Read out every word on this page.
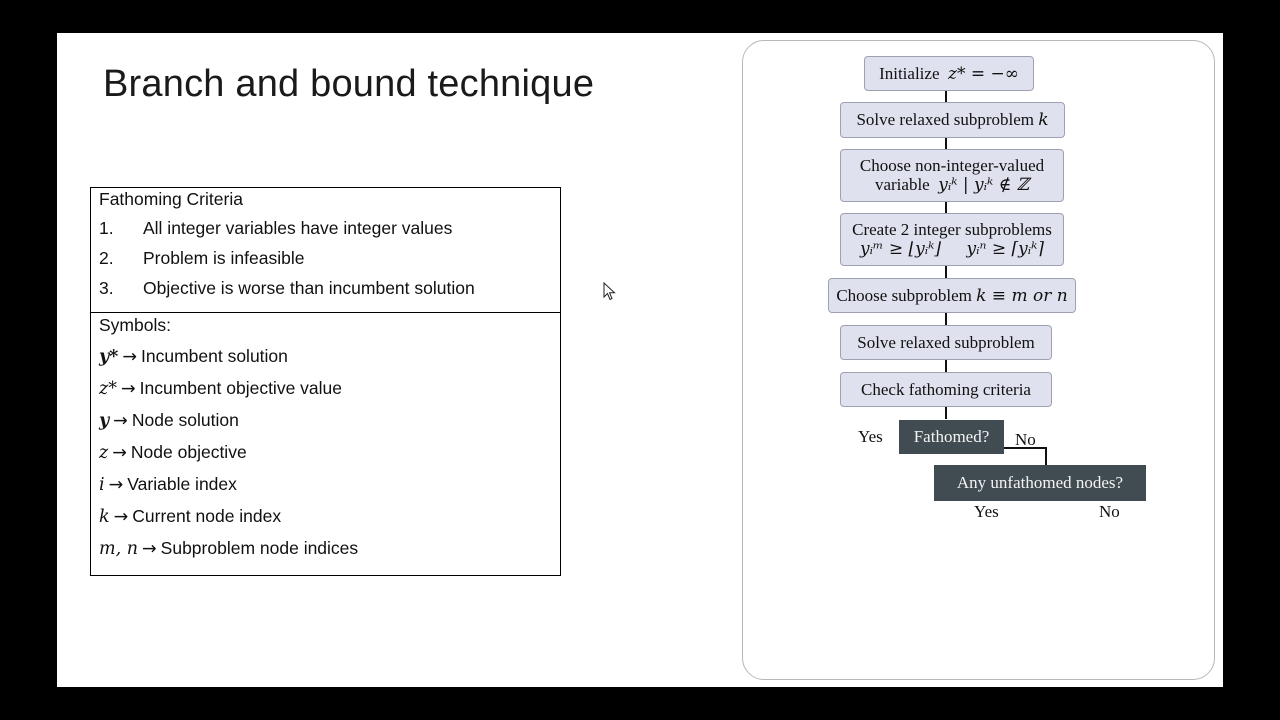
Branch and bound technique
Fathoming Criteria
1. All integer variables have integer values
2. Problem is infeasible
3. Objective is worse than incumbent solution
Symbols:
y* → Incumbent solution
z* → Incumbent objective value
y → Node solution
z → Node objective
i → Variable index
k → Current node index
m, n → Subproblem node indices
Initialize z* = −∞
Solve relaxed subproblem k
Choose non-integer-valued
variable yᵢᵏ | yᵢᵏ ∉ ℤ
Create 2 integer subproblems
yᵢᵐ ≥ ⌊yᵢᵏ⌋ yᵢⁿ ≥ ⌈yᵢᵏ⌉
Choose subproblem k ≡ m or n
Solve relaxed subproblem
Check fathoming criteria
Yes	Fathomed?	No
Any unfathomed nodes?
Yes	No
